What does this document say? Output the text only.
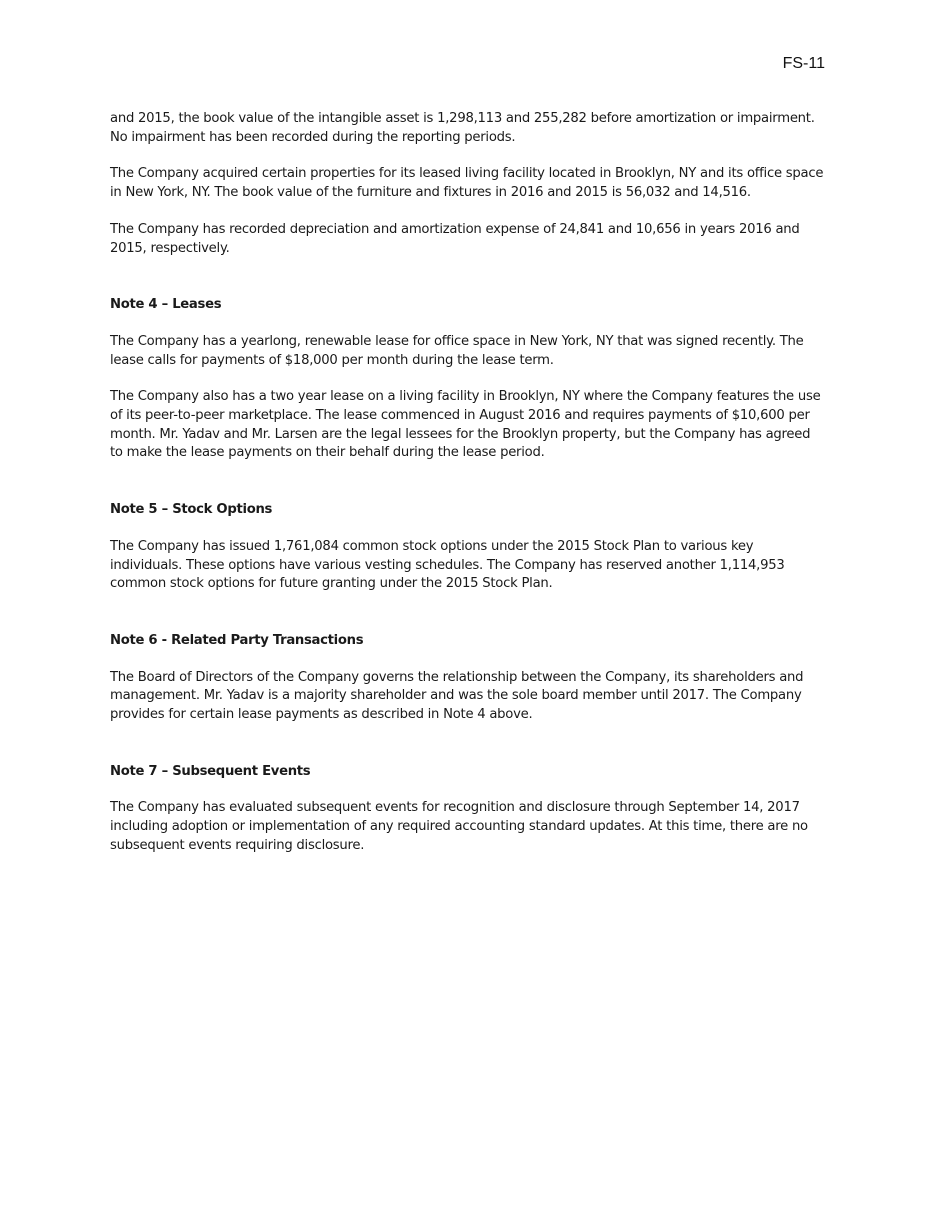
FS-11

and 2015, the book value of the intangible asset is 1,298,113 and 255,282 before amortization or impairment. No impairment has been recorded during the reporting periods.

The Company acquired certain properties for its leased living facility located in Brooklyn, NY and its office space in New York, NY. The book value of the furniture and fixtures in 2016 and 2015 is 56,032 and 14,516.

The Company has recorded depreciation and amortization expense of 24,841 and 10,656 in years 2016 and 2015, respectively.

Note 4 – Leases

The Company has a yearlong, renewable lease for office space in New York, NY that was signed recently. The lease calls for payments of $18,000 per month during the lease term.

The Company also has a two year lease on a living facility in Brooklyn, NY where the Company features the use of its peer-to-peer marketplace. The lease commenced in August 2016 and requires payments of $10,600 per month. Mr. Yadav and Mr. Larsen are the legal lessees for the Brooklyn property, but the Company has agreed to make the lease payments on their behalf during the lease period.

Note 5 – Stock Options

The Company has issued 1,761,084 common stock options under the 2015 Stock Plan to various key individuals. These options have various vesting schedules. The Company has reserved another 1,114,953 common stock options for future granting under the 2015 Stock Plan.

Note 6 - Related Party Transactions

The Board of Directors of the Company governs the relationship between the Company, its shareholders and management. Mr. Yadav is a majority shareholder and was the sole board member until 2017. The Company provides for certain lease payments as described in Note 4 above.

Note 7 – Subsequent Events

The Company has evaluated subsequent events for recognition and disclosure through September 14, 2017 including adoption or implementation of any required accounting standard updates. At this time, there are no subsequent events requiring disclosure.
